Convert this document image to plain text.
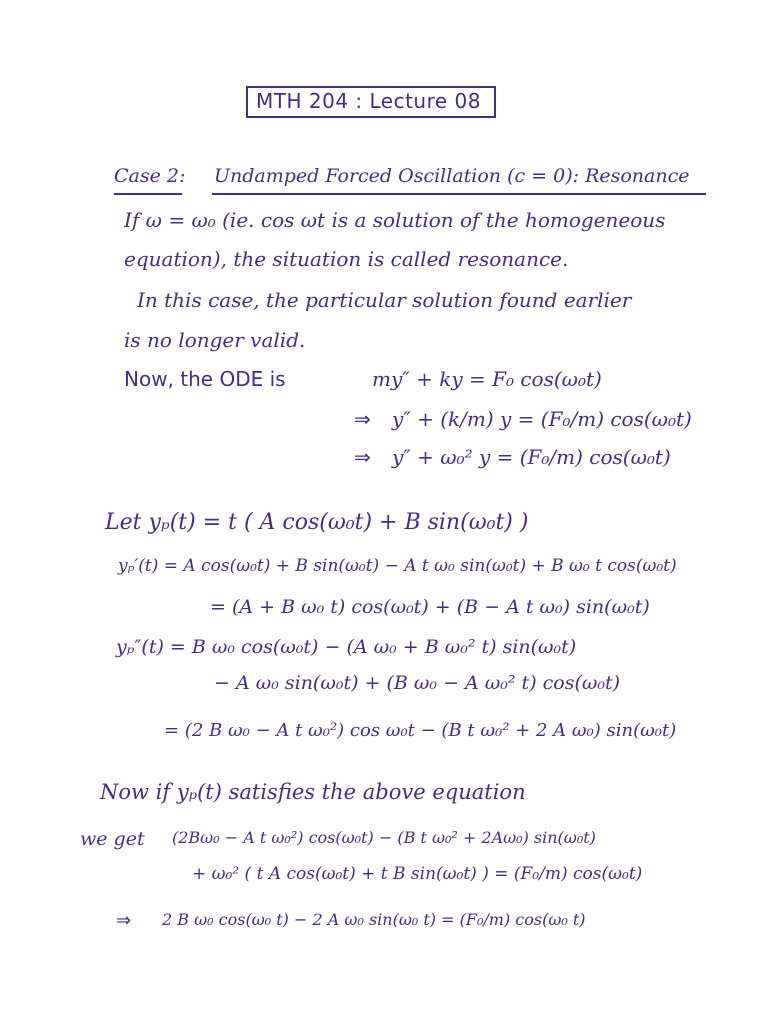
MTH 204 : Lecture 08
Case 2: Undamped Forced Oscillation (c = 0): Resonance
If ω = ω₀ (ie. cos ωt is a solution of the homogeneous
equation), the situation is called resonance.
In this case, the particular solution found earlier
is no longer valid.
Now, the ODE is	my″ + ky = F₀ cos(ω₀t)
⇒ y″ + (k/m) y = (F₀/m) cos(ω₀t)
⇒ y″ + ω₀² y = (F₀/m) cos(ω₀t)
Let yₚ(t) = t ( A cos(ω₀t) + B sin(ω₀t) )
yₚ′(t) = A cos(ω₀t) + B sin(ω₀t) − A t ω₀ sin(ω₀t) + B ω₀ t cos(ω₀t)
= (A + B ω₀ t) cos(ω₀t) + (B − A t ω₀) sin(ω₀t)
yₚ″(t) = B ω₀ cos(ω₀t) − (A ω₀ + B ω₀² t) sin(ω₀t)
− A ω₀ sin(ω₀t) + (B ω₀ − A ω₀² t) cos(ω₀t)
= (2 B ω₀ − A t ω₀²) cos ω₀t − (B t ω₀² + 2 A ω₀) sin(ω₀t)
Now if yₚ(t) satisfies the above equation
we get (2Bω₀ − A t ω₀²) cos(ω₀t) − (B t ω₀² + 2Aω₀) sin(ω₀t)
+ ω₀² ( t A cos(ω₀t) + t B sin(ω₀t) ) = (F₀/m) cos(ω₀t)
⇒ 2 B ω₀ cos(ω₀ t) − 2 A ω₀ sin(ω₀ t) = (F₀/m) cos(ω₀ t)
